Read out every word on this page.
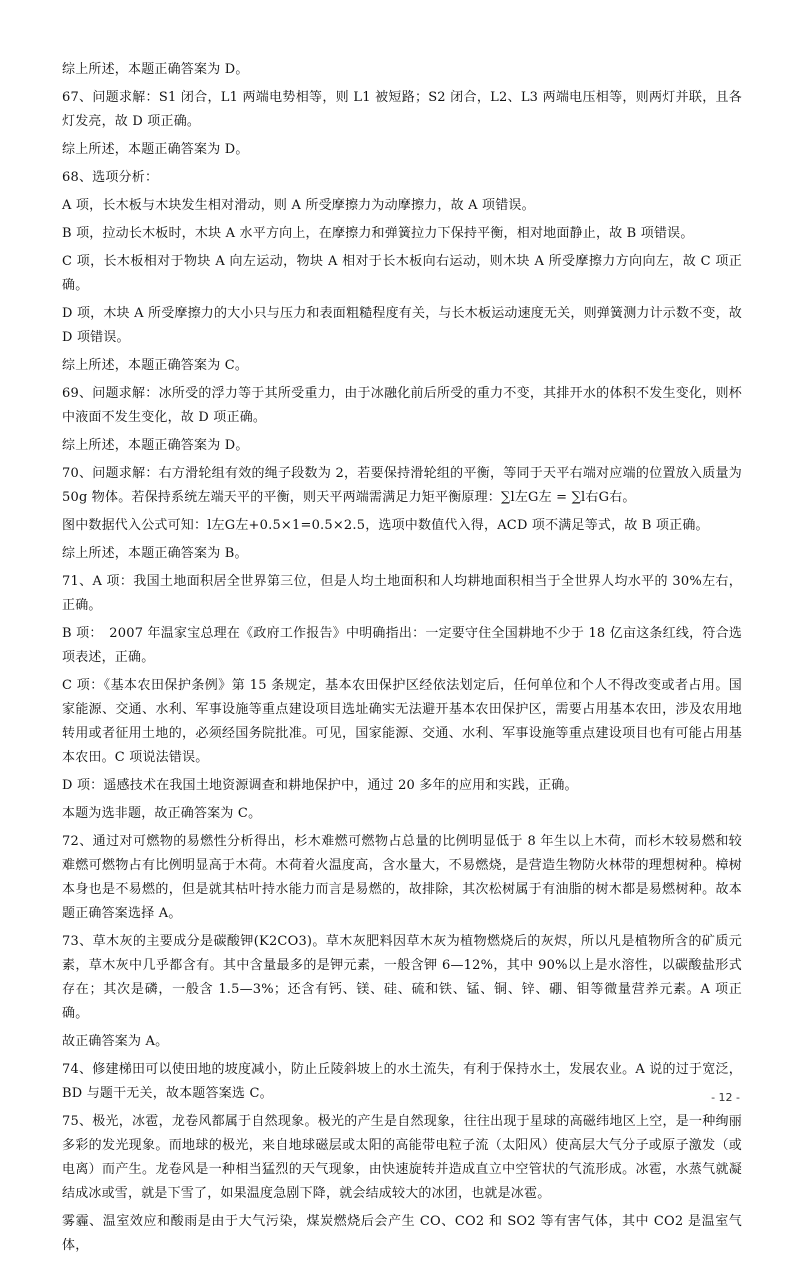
综上所述，本题正确答案为 D。

67、问题求解：S1 闭合，L1 两端电势相等，则 L1 被短路；S2 闭合，L2、L3 两端电压相等，则两灯并联，且各灯发亮，故 D 项正确。

综上所述，本题正确答案为 D。

68、选项分析：

A 项，长木板与木块发生相对滑动，则 A 所受摩擦力为动摩擦力，故 A 项错误。

B 项，拉动长木板时，木块 A 水平方向上，在摩擦力和弹簧拉力下保持平衡，相对地面静止，故 B 项错误。

C 项，长木板相对于物块 A 向左运动，物块 A 相对于长木板向右运动，则木块 A 所受摩擦力方向向左，故 C 项正确。

D 项，木块 A 所受摩擦力的大小只与压力和表面粗糙程度有关，与长木板运动速度无关，则弹簧测力计示数不变，故 D 项错误。

综上所述，本题正确答案为 C。

69、问题求解：冰所受的浮力等于其所受重力，由于冰融化前后所受的重力不变，其排开水的体积不发生变化，则杯中液面不发生变化，故 D 项正确。

综上所述，本题正确答案为 D。

70、问题求解：右方滑轮组有效的绳子段数为 2，若要保持滑轮组的平衡，等同于天平右端对应端的位置放入质量为 50g 物体。若保持系统左端天平的平衡，则天平两端需满足力矩平衡原理：∑l左G左 = ∑l右G右。

图中数据代入公式可知：l左G左+0.5×1=0.5×2.5，选项中数值代入得，ACD 项不满足等式，故 B 项正确。

综上所述，本题正确答案为 B。

71、A 项：我国土地面积居全世界第三位，但是人均土地面积和人均耕地面积相当于全世界人均水平的 30%左右，正确。

B 项：　2007 年温家宝总理在《政府工作报告》中明确指出：一定要守住全国耕地不少于 18 亿亩这条红线，符合选项表述，正确。

C 项：《基本农田保护条例》第 15 条规定，基本农田保护区经依法划定后，任何单位和个人不得改变或者占用。国家能源、交通、水利、军事设施等重点建设项目选址确实无法避开基本农田保护区，需要占用基本农田，涉及农用地转用或者征用土地的，必须经国务院批准。可见，国家能源、交通、水利、军事设施等重点建设项目也有可能占用基本农田。C 项说法错误。

D 项：遥感技术在我国土地资源调查和耕地保护中，通过 20 多年的应用和实践，正确。

本题为选非题，故正确答案为 C。

72、通过对可燃物的易燃性分析得出，杉木难燃可燃物占总量的比例明显低于 8 年生以上木荷，而杉木较易燃和较难燃可燃物占有比例明显高于木荷。木荷着火温度高，含水量大，不易燃烧，是营造生物防火林带的理想树种。樟树本身也是不易燃的，但是就其枯叶持水能力而言是易燃的，故排除，其次松树属于有油脂的树木都是易燃树种。故本题正确答案选择 A。

73、草木灰的主要成分是碳酸钾(K2CO3)。草木灰肥料因草木灰为植物燃烧后的灰烬，所以凡是植物所含的矿质元素，草木灰中几乎都含有。其中含量最多的是钾元素，一般含钾 6—12%，其中 90%以上是水溶性，以碳酸盐形式存在；其次是磷，一般含 1.5—3%；还含有钙、镁、硅、硫和铁、锰、铜、锌、硼、钼等微量营养元素。A 项正确。

故正确答案为 A。

74、修建梯田可以使田地的坡度减小，防止丘陵斜坡上的水土流失，有利于保持水土，发展农业。A 说的过于宽泛，BD 与题干无关，故本题答案选 C。

75、极光，冰雹，龙卷风都属于自然现象。极光的产生是自然现象，往往出现于星球的高磁纬地区上空，是一种绚丽多彩的发光现象。而地球的极光，来自地球磁层或太阳的高能带电粒子流（太阳风）使高层大气分子或原子激发（或电离）而产生。龙卷风是一种相当猛烈的天气现象，由快速旋转并造成直立中空管状的气流形成。冰雹，水蒸气就凝结成冰或雪，就是下雪了，如果温度急剧下降，就会结成较大的冰团，也就是冰雹。

雾霾、温室效应和酸雨是由于大气污染，煤炭燃烧后会产生 CO、CO2 和 SO2 等有害气体，其中 CO2 是温室气体，

- 12 -
